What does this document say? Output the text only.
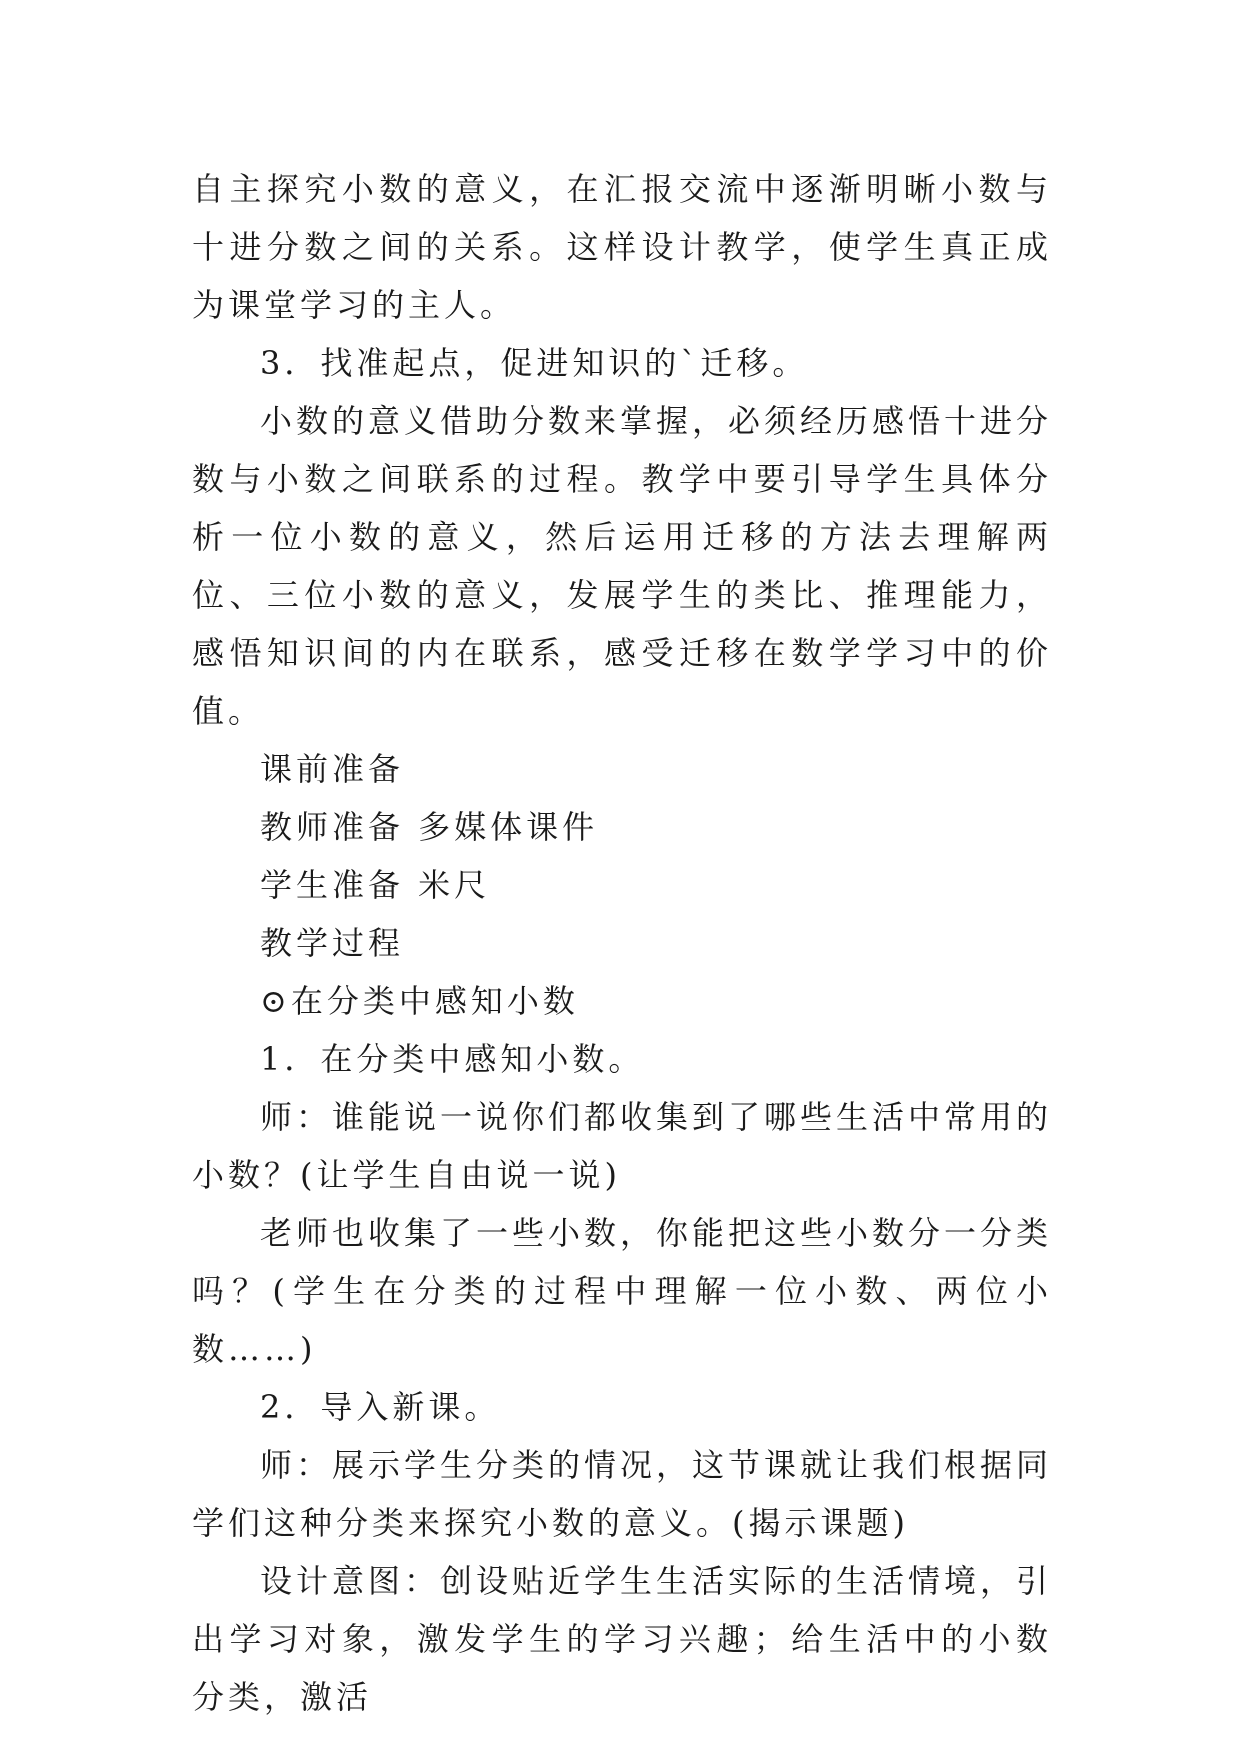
自主探究小数的意义，在汇报交流中逐渐明晰小数与十进分数之间的关系。这样设计教学，使学生真正成为课堂学习的主人。

3．找准起点，促进知识的`迁移。

小数的意义借助分数来掌握，必须经历感悟十进分数与小数之间联系的过程。教学中要引导学生具体分析一位小数的意义，然后运用迁移的方法去理解两位、三位小数的意义，发展学生的类比、推理能力，感悟知识间的内在联系，感受迁移在数学学习中的价值。

课前准备

教师准备 多媒体课件

学生准备 米尺

教学过程

⊙在分类中感知小数

1．在分类中感知小数。

师：谁能说一说你们都收集到了哪些生活中常用的小数？(让学生自由说一说)

老师也收集了一些小数，你能把这些小数分一分类吗？(学生在分类的过程中理解一位小数、两位小数……)

2．导入新课。

师：展示学生分类的情况，这节课就让我们根据同学们这种分类来探究小数的意义。(揭示课题)

设计意图：创设贴近学生生活实际的生活情境，引出学习对象，激发学生的学习兴趣；给生活中的小数分类，激活
